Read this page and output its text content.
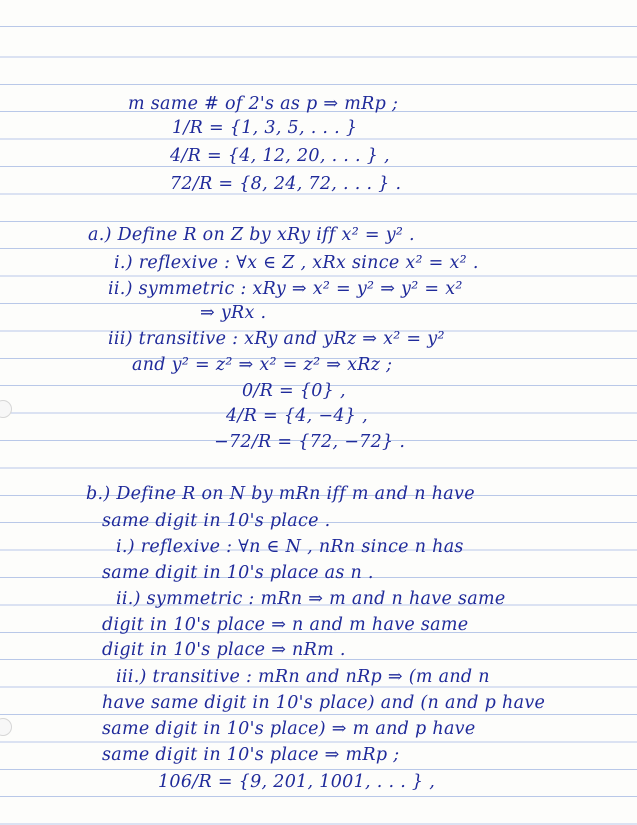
m same # of 2's as p ⇒ mRp ;

1/R = {1, 3, 5, . . . }

4/R = {4, 12, 20, . . . } ,

72/R = {8, 24, 72, . . . } .

a.) Define R on Z by xRy iff x² = y² .

i.) reflexive : ∀x ∈ Z , xRx since x² = x² .

ii.) symmetric : xRy ⇒ x² = y² ⇒ y² = x²

⇒ yRx .

iii) transitive : xRy and yRz ⇒ x² = y²

and y² = z² ⇒ x² = z² ⇒ xRz ;

0/R = {0} ,

4/R = {4, −4} ,

−72/R = {72, −72} .

b.) Define R on N by mRn iff m and n have

same digit in 10's place .

i.) reflexive : ∀n ∈ N , nRn since n has

same digit in 10's place as n .

ii.) symmetric : mRn ⇒ m and n have same

digit in 10's place ⇒ n and m have same

digit in 10's place ⇒ nRm .

iii.) transitive : mRn and nRp ⇒ (m and n

have same digit in 10's place) and (n and p have

same digit in 10's place) ⇒ m and p have

same digit in 10's place ⇒ mRp ;

106/R = {9, 201, 1001, . . . } ,
